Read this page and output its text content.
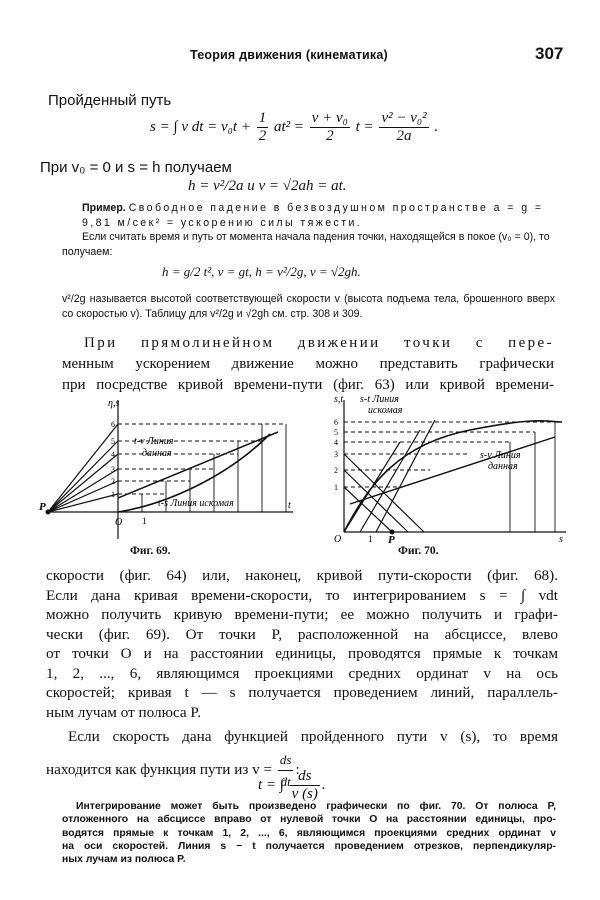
Теория движения (кинематика)	307
Пройденный путь
s = ∫ v dt = $v_0t + \frac{1}{2} at^2 = \frac{\text{v + v₀}}{2}$ $t = \frac{\text{v² − v₀²}}{2a}$ .
При v₀ = 0 и s = h получаем
h = v²/2a и v = √2ah = at.
Пример. Свободное падение в безвоздушном пространстве a = g = 9,81 м/сек² = ускорению силы тяжести.
Если считать время и путь от момента начала падения точки, находящейся в покое (v₀ = 0), то получаем:
h = g/2 t², v = gt, h = v²/2g, v = √2gh.
v²/2g называется высотой соответствующей скорости v (высота подъема тела, брошенного вверх со скоростью v). Таблицу для v²/2g и √2gh см. стр. 308 и 309.
При прямолинейном движении точки с пере-
менным ускорением движение можно представить графически
при посредстве кривой времени-пути (фиг. 63) или кривой времени-
η,s
P
O
t
1
t-v Линия
данная
t-s Линия искомая
1
2
3
4
5
6
Фиг. 69.
s,t
O	P
1	s
s-t Линия
искомая
s-v Линия
данная
1
2
3
4
5
6
Фиг. 70.
скорости (фиг. 64) или, наконец, кривой пути-скорости (фиг. 68).
Если дана кривая времени-скорости, то интегрированием s = ∫ vdt
можно получить кривую времени-пути; ее можно получить и графи-
чески (фиг. 69). От точки P, расположенной на абсциссе, влево
от точки O и на расстоянии единицы, проводятся прямые к точкам
1, 2, ..., 6, являющимся проекциями средних ординат v на ось
скоростей; кривая t — s получается проведением линий, параллель-
ным лучам от полюса P.
Если скорость дана функцией пройденного пути v (s), то время
находится как функция пути из $v = \frac{ds}{dt}$ :
t = ∫ $\frac{ds}{v (s)}$ .
Интегрирование может быть произведено графически по фиг. 70. От полюса P,
отложенного на абсциссе вправо от нулевой точки O на расстоянии единицы, про-
водятся прямые к точкам 1, 2, ..., 6, являющимся проекциями средних ординат v
на оси скоростей. Линия s − t получается проведением отрезков, перпендикуляр-
ных лучам из полюса P.
